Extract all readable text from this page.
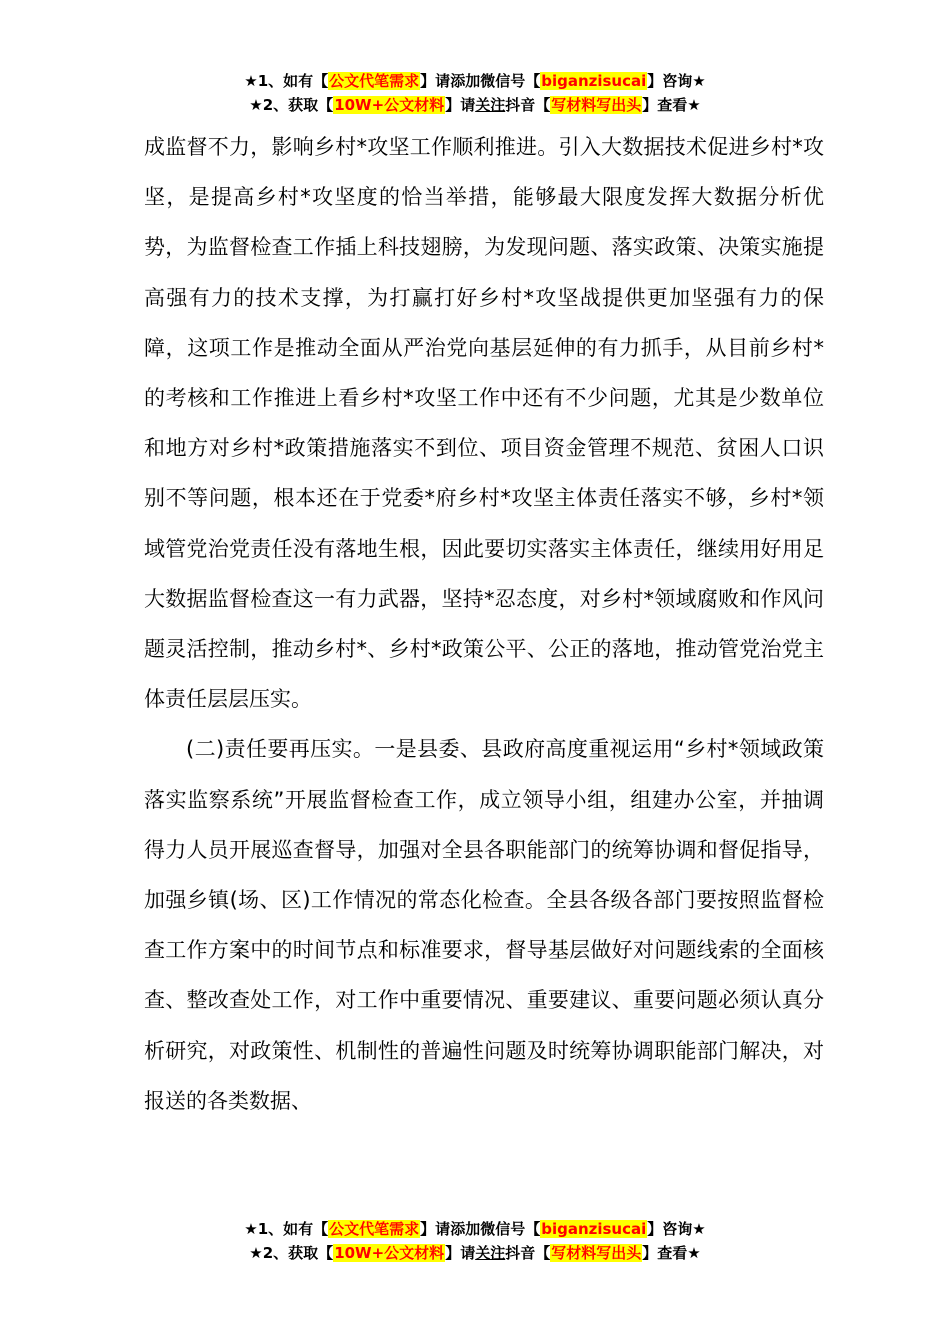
★1、如有【公文代笔需求】请添加微信号【biganzisucai】咨询★
★2、获取【10W+公文材料】请关注抖音【写材料写出头】查看★

成监督不力，影响乡村*攻坚工作顺利推进。引入大数据技术促进乡村*攻坚，是提高乡村*攻坚度的恰当举措，能够最大限度发挥大数据分析优势，为监督检查工作插上科技翅膀，为发现问题、落实政策、决策实施提高强有力的技术支撑，为打赢打好乡村*攻坚战提供更加坚强有力的保障，这项工作是推动全面从严治党向基层延伸的有力抓手，从目前乡村*的考核和工作推进上看乡村*攻坚工作中还有不少问题，尤其是少数单位和地方对乡村*政策措施落实不到位、项目资金管理不规范、贫困人口识别不等问题，根本还在于党委*府乡村*攻坚主体责任落实不够，乡村*领域管党治党责任没有落地生根，因此要切实落实主体责任，继续用好用足大数据监督检查这一有力武器，坚持*忍态度，对乡村*领域腐败和作风问题灵活控制，推动乡村*、乡村*政策公平、公正的落地，推动管党治党主体责任层层压实。

(二)责任要再压实。一是县委、县政府高度重视运用“乡村*领域政策落实监察系统”开展监督检查工作，成立领导小组，组建办公室，并抽调得力人员开展巡查督导，加强对全县各职能部门的统筹协调和督促指导，加强乡镇(场、区)工作情况的常态化检查。全县各级各部门要按照监督检查工作方案中的时间节点和标准要求，督导基层做好对问题线索的全面核查、整改查处工作，对工作中重要情况、重要建议、重要问题必须认真分析研究，对政策性、机制性的普遍性问题及时统筹协调职能部门解决，对报送的各类数据、

★1、如有【公文代笔需求】请添加微信号【biganzisucai】咨询★
★2、获取【10W+公文材料】请关注抖音【写材料写出头】查看★
